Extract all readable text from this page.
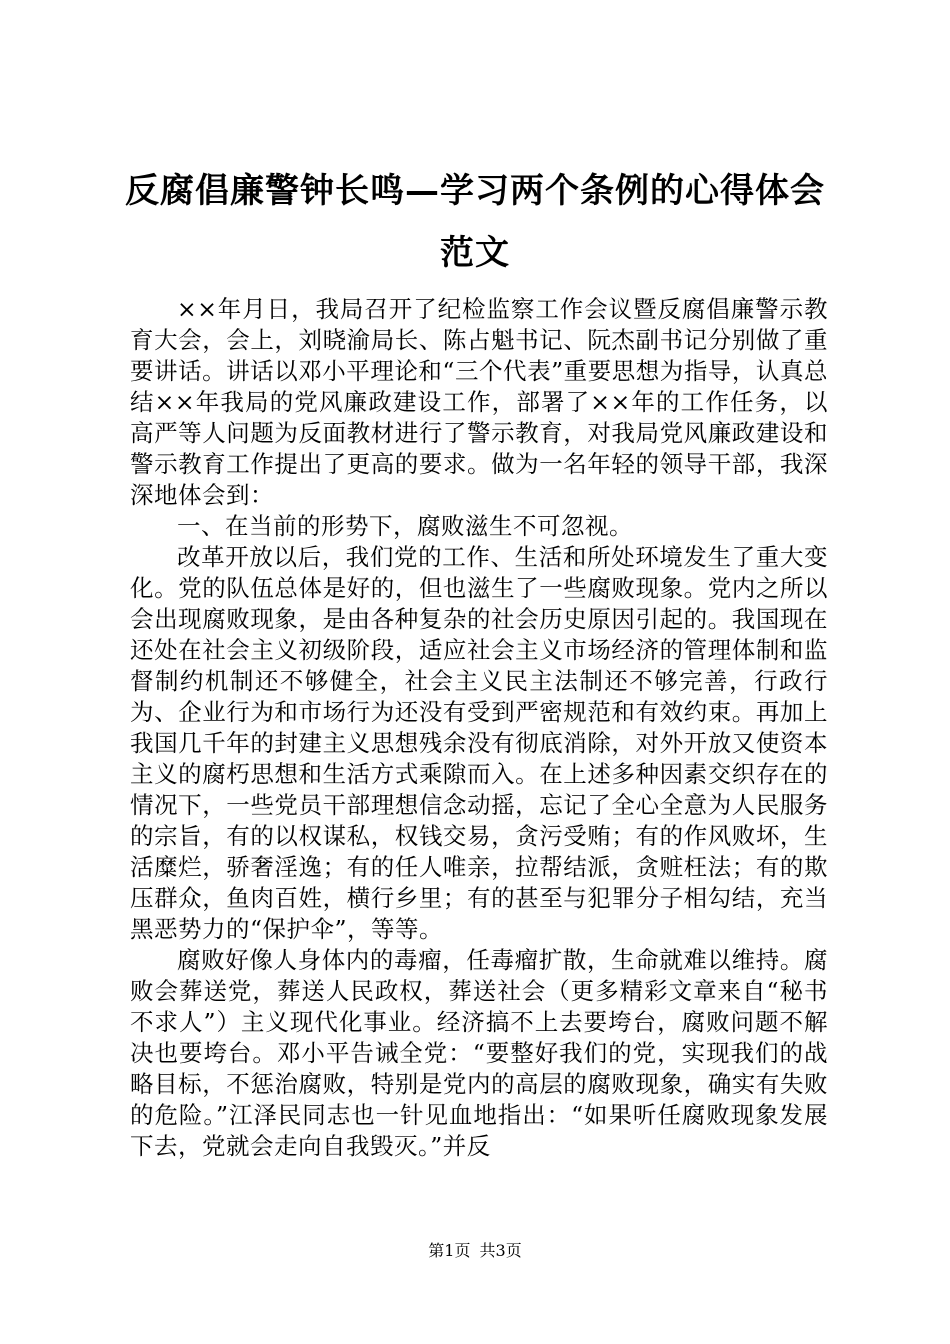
反腐倡廉警钟长鸣—学习两个条例的心得体会
范文

××年月日，我局召开了纪检监察工作会议暨反腐倡廉警示教育大会，会上，刘晓渝局长、陈占魁书记、阮杰副书记分别做了重要讲话。讲话以邓小平理论和“三个代表”重要思想为指导，认真总结××年我局的党风廉政建设工作，部署了××年的工作任务，以高严等人问题为反面教材进行了警示教育，对我局党风廉政建设和警示教育工作提出了更高的要求。做为一名年轻的领导干部，我深深地体会到：

一、在当前的形势下，腐败滋生不可忽视。

改革开放以后，我们党的工作、生活和所处环境发生了重大变化。党的队伍总体是好的，但也滋生了一些腐败现象。党内之所以会出现腐败现象，是由各种复杂的社会历史原因引起的。我国现在还处在社会主义初级阶段，适应社会主义市场经济的管理体制和监督制约机制还不够健全，社会主义民主法制还不够完善，行政行为、企业行为和市场行为还没有受到严密规范和有效约束。再加上我国几千年的封建主义思想残余没有彻底消除，对外开放又使资本主义的腐朽思想和生活方式乘隙而入。在上述多种因素交织存在的情况下，一些党员干部理想信念动摇，忘记了全心全意为人民服务的宗旨，有的以权谋私，权钱交易，贪污受贿；有的作风败坏，生活糜烂，骄奢淫逸；有的任人唯亲，拉帮结派，贪赃枉法；有的欺压群众，鱼肉百姓，横行乡里；有的甚至与犯罪分子相勾结，充当黑恶势力的“保护伞”，等等。

腐败好像人身体内的毒瘤，任毒瘤扩散，生命就难以维持。腐败会葬送党，葬送人民政权，葬送社会（更多精彩文章来自“秘书不求人”）主义现代化事业。经济搞不上去要垮台，腐败问题不解决也要垮台。邓小平告诫全党：“要整好我们的党，实现我们的战略目标，不惩治腐败，特别是党内的高层的腐败现象，确实有失败的危险。”江泽民同志也一针见血地指出：“如果听任腐败现象发展下去，党就会走向自我毁灭。”并反

第1页 共3页
